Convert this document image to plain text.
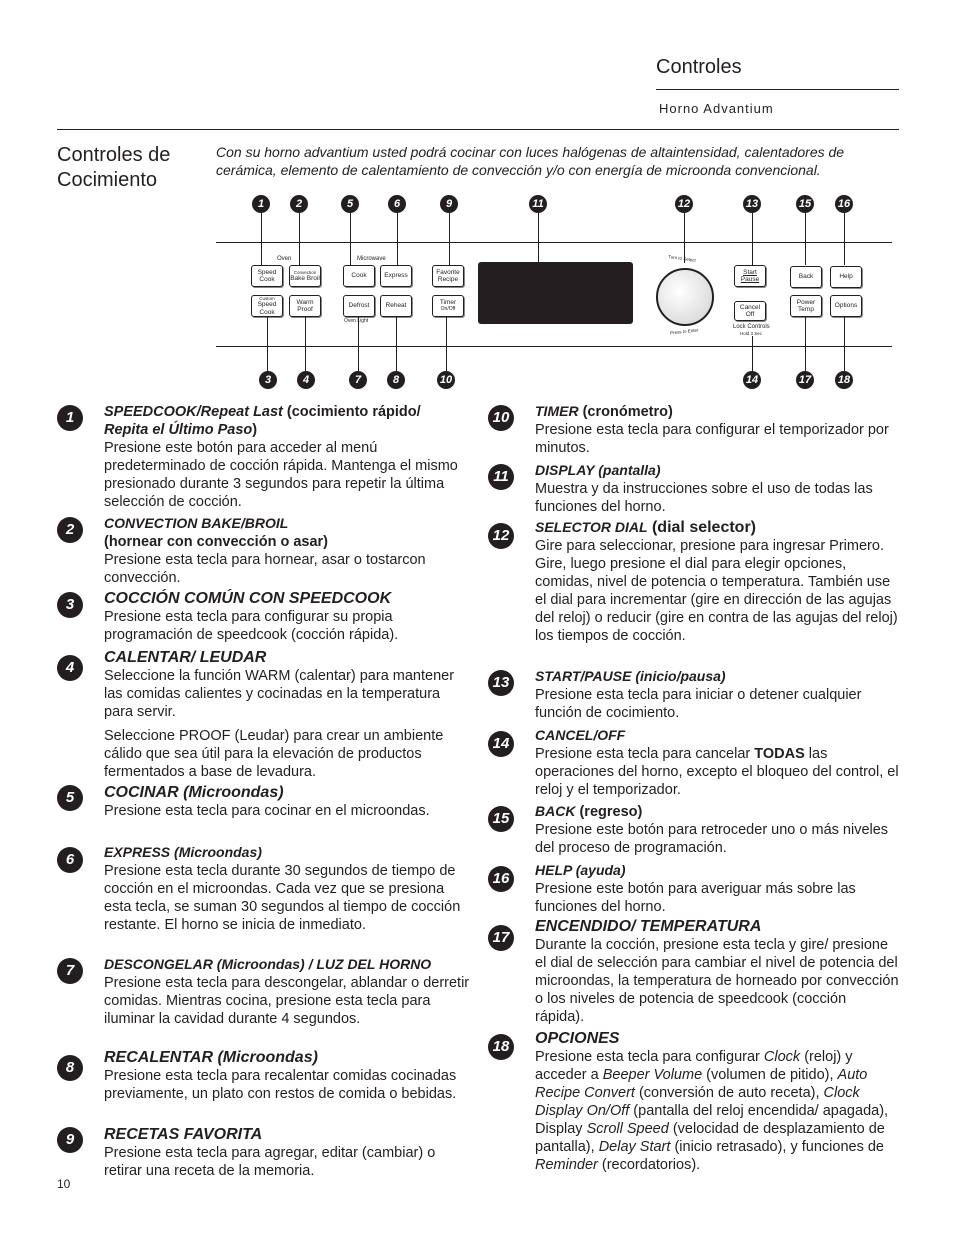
Controles
Horno Advantium
Controles de Cocimiento
Con su horno advantium usted podrá cocinar con luces halógenas de altaintensidad, calentadores de cerámica, elemento de calentamiento de convección y/o con energía de microonda convencional.
1	2	5	6	9	11	12	13	15 16
Oven	Microwave
Speed Cook
Convection
Bake Broil	Cook	Express
Favorite Recipe
Custom
Speed Cook
Warm Proof
Defrost
Oven Light
Reheat
Timer
On/Off
Turn to Select
Press to Enter
Start Pause
Cancel Off
Lock Controls
Hold 3 Sec
Back	Help
Power Temp
Options
3	4	7	8	10	14	17 18
1	SPEEDCOOK/Repeat Last (cocimiento rápido/
Repita el Último Paso)
Presione este botón para acceder al menú predeterminado de cocción rápida. Mantenga el mismo presionado durante 3 segundos para repetir la última selección de cocción.
2	CONVECTION BAKE/BROIL
(hornear con convección o asar)
Presione esta tecla para hornear, asar o tostarcon convección.
3	COCCIÓN COMÚN CON SPEEDCOOK
Presione esta tecla para configurar su propia programación de speedcook (cocción rápida).
4
CALENTAR/ LEUDAR
Seleccione la función WARM (calentar) para mantener las comidas calientes y cocinadas en la temperatura para servir.
Seleccione PROOF (Leudar) para crear un ambiente cálido que sea útil para la elevación de productos fermentados a base de levadura.
5	COCINAR (Microondas)
Presione esta tecla para cocinar en el microondas.
6	EXPRESS (Microondas)
Presione esta tecla durante 30 segundos de tiempo de cocción en el microondas. Cada vez que se presiona esta tecla, se suman 30 segundos al tiempo de cocción restante. El horno se inicia de inmediato.
7	DESCONGELAR (Microondas) / LUZ DEL HORNO
Presione esta tecla para descongelar, ablandar o derretir comidas. Mientras cocina, presione esta tecla para iluminar la cavidad durante 4 segundos.
8
RECALENTAR (Microondas)
Presione esta tecla para recalentar comidas cocinadas previamente, un plato con restos de comida o bebidas.
9	RECETAS FAVORITA
Presione esta tecla para agregar, editar (cambiar) o retirar una receta de la memoria.
10	TIMER (cronómetro)
Presione esta tecla para configurar el temporizador por minutos.
11	DISPLAY (pantalla)
Muestra y da instrucciones sobre el uso de todas las funciones del horno.
12	SELECTOR DIAL (dial selector)
Gire para seleccionar, presione para ingresar Primero. Gire, luego presione el dial para elegir opciones, comidas, nivel de potencia o temperatura. También use el dial para incrementar (gire en dirección de las agujas del reloj) o reducir (gire en contra de las agujas del reloj) los tiempos de cocción.
13	START/PAUSE (inicio/pausa)
Presione esta tecla para iniciar o detener cualquier función de cocimiento.
14	CANCEL/OFF
Presione esta tecla para cancelar TODAS las operaciones del horno, excepto el bloqueo del control, el reloj y el temporizador.
15	BACK (regreso)
Presione este botón para retroceder uno o más niveles del proceso de programación.
16	HELP (ayuda)
Presione este botón para averiguar más sobre las funciones del horno.
17
ENCENDIDO/ TEMPERATURA
Durante la cocción, presione esta tecla y gire/ presione el dial de selección para cambiar el nivel de potencia del microondas, la temperatura de horneado por convección o los niveles de potencia de speedcook (cocción rápida).
18 OPCIONES
Presione esta tecla para configurar Clock (reloj) y acceder a Beeper Volume (volumen de pitido), Auto Recipe Convert (conversión de auto receta), Clock Display On/Off (pantalla del reloj encendida/ apagada), Display Scroll Speed (velocidad de desplazamiento de pantalla), Delay Start (inicio retrasado), y funciones de Reminder (recordatorios).
10
